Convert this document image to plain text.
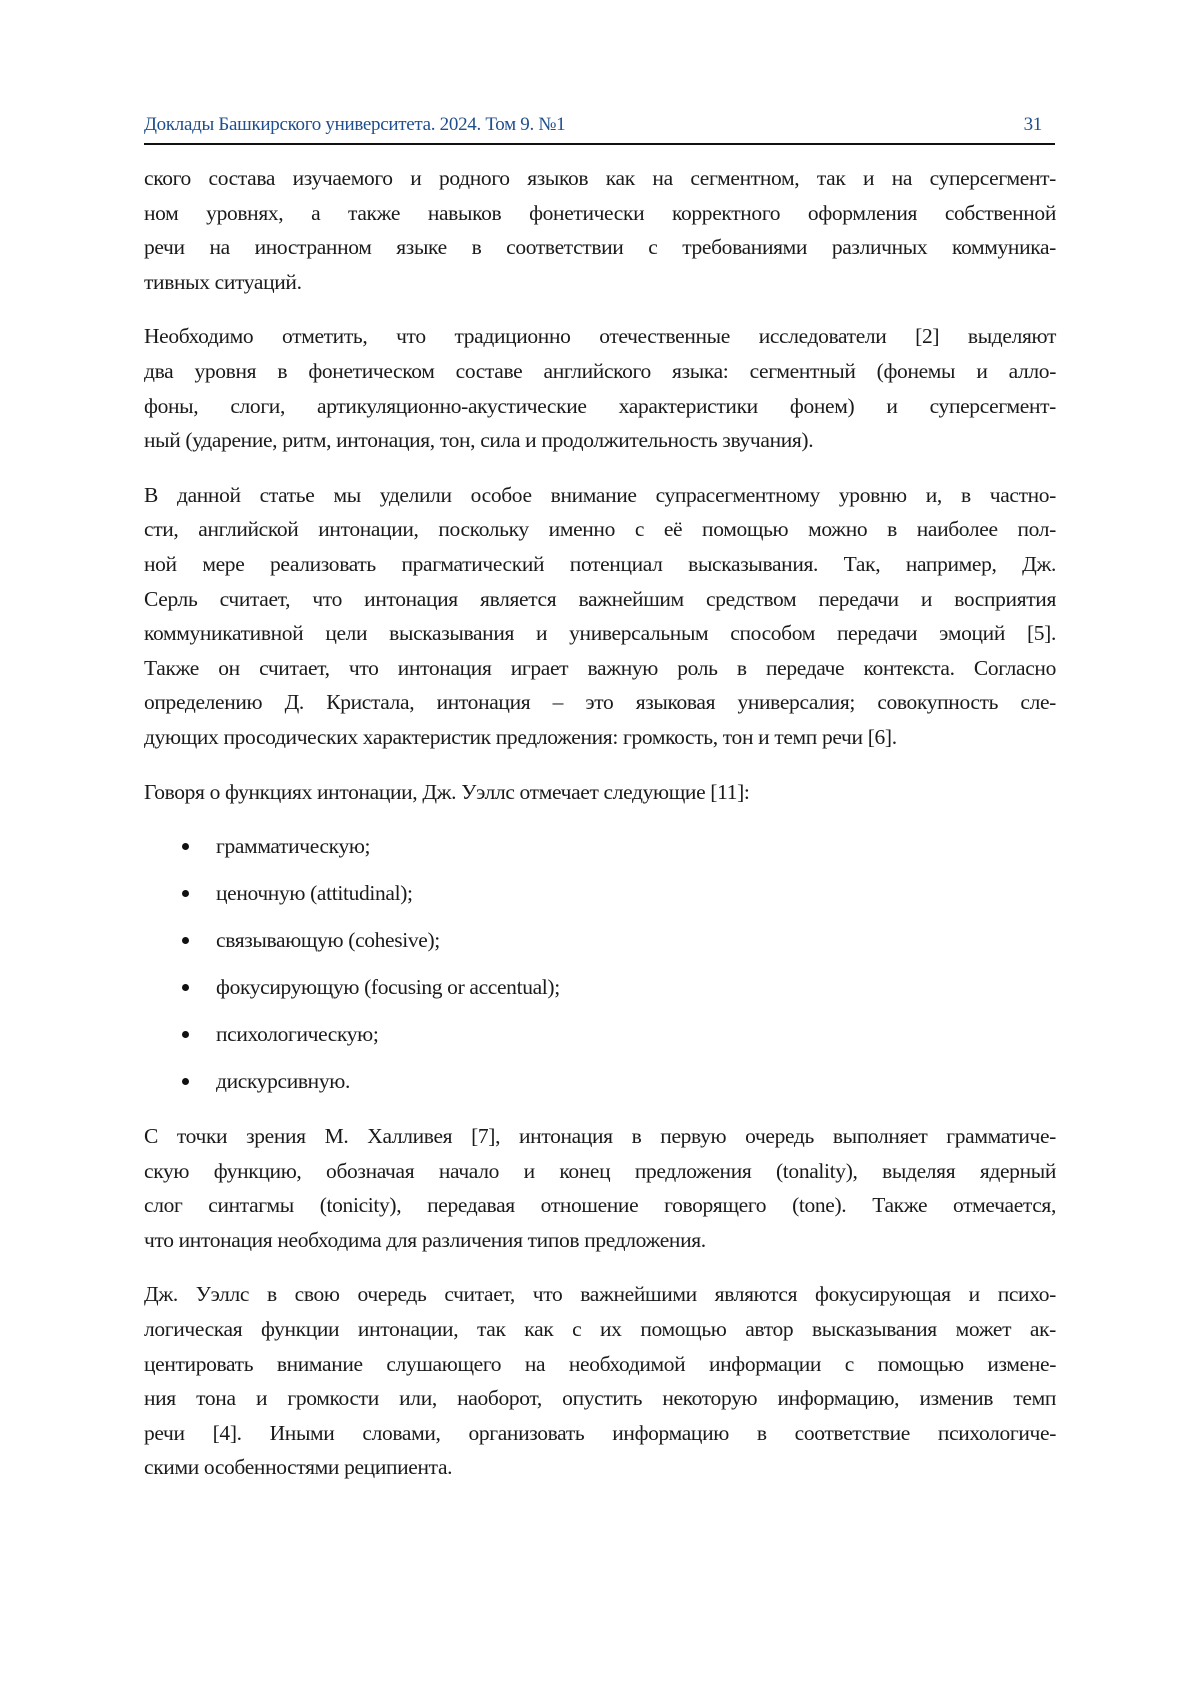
Доклады Башкирского университета. 2024. Том 9. №1	31
ского состава изучаемого и родного языков как на сегментном, так и на суперсегмент-
ном уровнях, а также навыков фонетически корректного оформления собственной
речи на иностранном языке в соответствии с требованиями различных коммуника-
тивных ситуаций.
Необходимо отметить, что традиционно отечественные исследователи [2] выделяют
два уровня в фонетическом составе английского языка: сегментный (фонемы и алло-
фоны, слоги, артикуляционно-акустические характеристики фонем) и суперсегмент-
ный (ударение, ритм, интонация, тон, сила и продолжительность звучания).
В данной статье мы уделили особое внимание супрасегментному уровню и, в частно-
сти, английской интонации, поскольку именно с её помощью можно в наиболее пол-
ной мере реализовать прагматический потенциал высказывания. Так, например, Дж.
Серль считает, что интонация является важнейшим средством передачи и восприятия
коммуникативной цели высказывания и универсальным способом передачи эмоций [5].
Также он считает, что интонация играет важную роль в передаче контекста. Согласно
определению Д. Кристала, интонация – это языковая универсалия; совокупность сле-
дующих просодических характеристик предложения: громкость, тон и темп речи [6].
Говоря о функциях интонации, Дж. Уэллс отмечает следующие [11]:
грамматическую;
ценочную (attitudinal);
связывающую (cohesive);
фокусирующую (focusing or accentual);
психологическую;
дискурсивную.
С точки зрения М. Халливея [7], интонация в первую очередь выполняет грамматиче-
скую функцию, обозначая начало и конец предложения (tonality), выделяя ядерный
слог синтагмы (tonicity), передавая отношение говорящего (tone). Также отмечается,
что интонация необходима для различения типов предложения.
Дж. Уэллс в свою очередь считает, что важнейшими являются фокусирующая и психо-
логическая функции интонации, так как с их помощью автор высказывания может ак-
центировать внимание слушающего на необходимой информации с помощью измене-
ния тона и громкости или, наоборот, опустить некоторую информацию, изменив темп
речи [4]. Иными словами, организовать информацию в соответствие психологиче-
скими особенностями реципиента.
